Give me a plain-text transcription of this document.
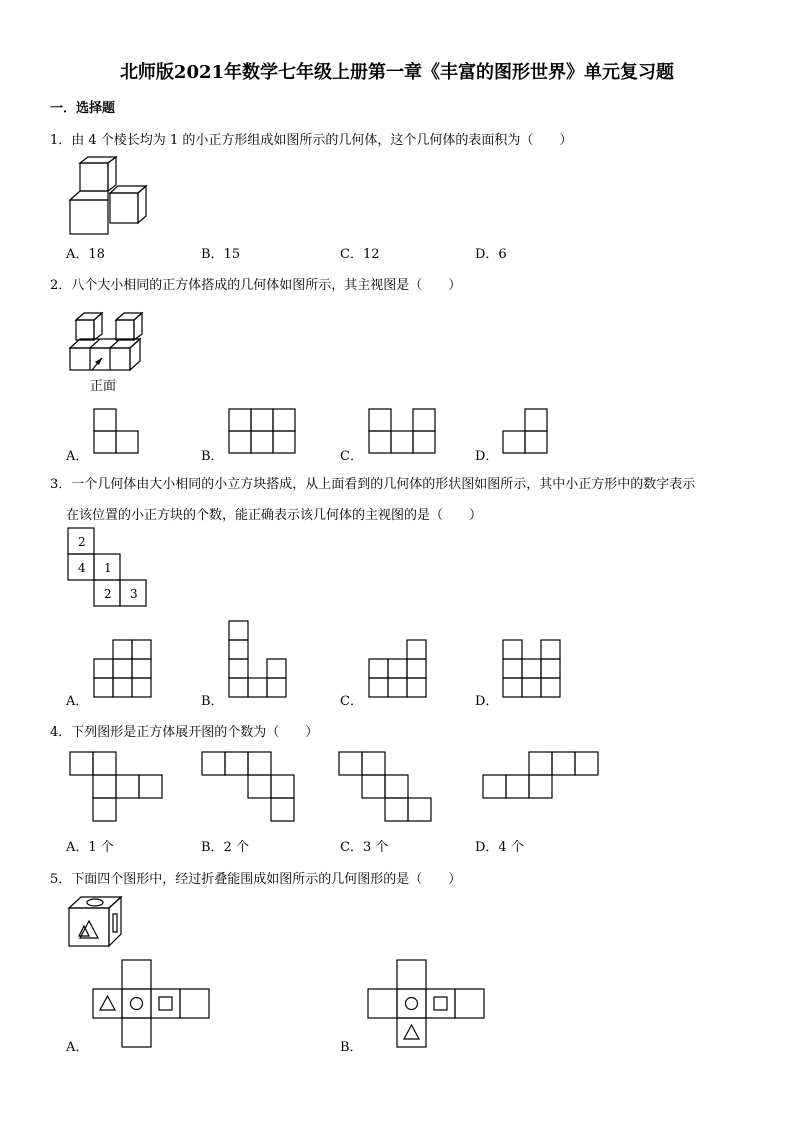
北师版2021年数学七年级上册第一章《丰富的图形世界》单元复习题
一．选择题
1．由 4 个棱长均为 1 的小正方形组成如图所示的几何体，这个几何体的表面积为（　　）
A．18	B．15	C．12	D．6
2．八个大小相同的正方体搭成的几何体如图所示，其主视图是（　　）
正面
A．	B．	C．	D．
3．一个几何体由大小相同的小立方块搭成，从上面看到的几何体的形状图如图所示，其中小正方形中的数字表示
在该位置的小正方块的个数，能正确表示该几何体的主视图的是（　　）
2
4 1
2 3
A．	B．	C．	D．
4．下列图形是正方体展开图的个数为（　　）
A．1 个	B．2 个	C．3 个	D．4 个
5．下面四个图形中，经过折叠能围成如图所示的几何图形的是（　　）
A．	B．
